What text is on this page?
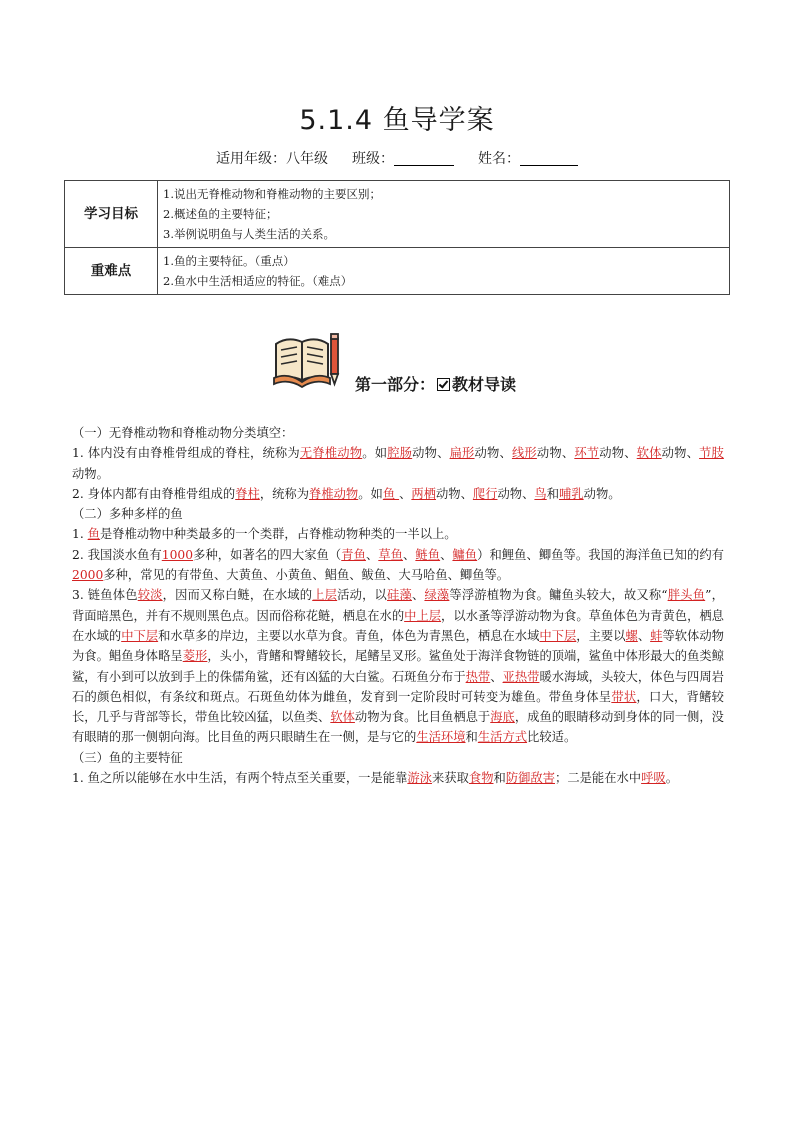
5.1.4 鱼导学案
适用年级：八年级 班级：	姓名：
学习目标	1.说出无脊椎动物和脊椎动物的主要区别；
2.概述鱼的主要特征；
3.举例说明鱼与人类生活的关系。

重难点	1.鱼的主要特征。（重点）
2.鱼水中生活相适应的特征。（难点）
第一部分： 教材导读

（一）无脊椎动物和脊椎动物分类填空：

1. 体内没有由脊椎骨组成的脊柱，统称为无脊椎动物。如腔肠动物、扁形动物、线形动物、环节动物、软体动物、节肢动物。

2. 身体内都有由脊椎骨组成的脊柱，统称为脊椎动物。如鱼 、两栖动物、爬行动物、鸟和哺乳动物。

（二）多种多样的鱼

1. 鱼是脊椎动物中种类最多的一个类群，占脊椎动物种类的一半以上。

2. 我国淡水鱼有1000多种，如著名的四大家鱼（青鱼、草鱼、鲢鱼、鳙鱼）和鲤鱼、鲫鱼等。我国的海洋鱼已知的约有2000多种，常见的有带鱼、大黄鱼、小黄鱼、鲳鱼、鲅鱼、大马哈鱼、鲫鱼等。

3. 链鱼体色较淡，因而又称白鲢，在水域的上层活动，以硅藻、绿藻等浮游植物为食。鳙鱼头较大，故又称“胖头鱼”，背面暗黑色，并有不规则黑色点。因而俗称花鲢，栖息在水的中上层，以水蚤等浮游动物为食。草鱼体色为青黄色，栖息在水域的中下层和水草多的岸边，主要以水草为食。青鱼，体色为青黑色，栖息在水域中下层，主要以螺、蚌等软体动物为食。鲳鱼身体略呈菱形，头小，背鳍和臀鳍较长，尾鳍呈叉形。鲨鱼处于海洋食物链的顶端，鲨鱼中体形最大的鱼类鲸鲨，有小到可以放到手上的侏儒角鲨，还有凶猛的大白鲨。石斑鱼分布于热带、亚热带暖水海域，头较大，体色与四周岩石的颜色相似，有条纹和斑点。石斑鱼幼体为雌鱼，发育到一定阶段时可转变为雄鱼。带鱼身体呈带状，口大，背鳍较长，几乎与背部等长，带鱼比较凶猛，以鱼类、软体动物为食。比目鱼栖息于海底，成鱼的眼睛移动到身体的同一侧，没有眼睛的那一侧朝向海。比目鱼的两只眼睛生在一侧，是与它的生活环境和生活方式比较适。

（三）鱼的主要特征

1. 鱼之所以能够在水中生活，有两个特点至关重要，一是能靠游泳来获取食物和防御敌害；二是能在水中呼吸。
